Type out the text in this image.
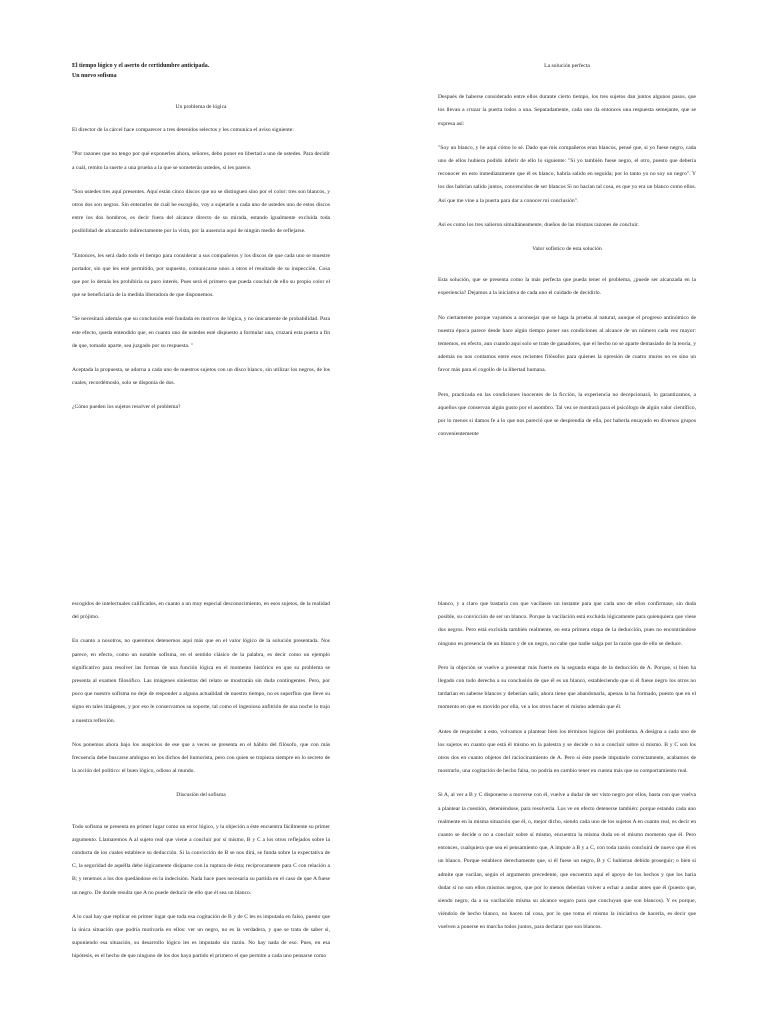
El tiempo lógico y el aserto de certidumbre anticipada.

Un nuevo sofisma

Un problema de lógica

El director de la cárcel hace comparecer a tres detenidos selectos y les comunica el aviso siguiente:

"Por razones que no tengo por qué exponerles ahora, señores, debo poner en libertad a uno de ustedes. Para decidir a cuál, remito la suerte a una prueba a la que se someterán ustedes, si les parece.

"Son ustedes tres aquí presentes. Aquí están cinco discos que no se distinguen sino por el color: tres son blancos, y otros dos son negros. Sin enterarles de cuál he escogido, voy a sujetarle a cada uno de ustedes uno de estos discos entre los dos hombros, es decir fuera del alcance directo de su mirada, estando igualmente excluida toda posibilidad de alcanzarlo indirectamente por la vista, por la ausencia aquí de ningún medio de reflejarse.

"Entonces, les será dado todo el tiempo para considerar a sus compañeros y los discos de que cada uno se muestre portador, sin que les esté permitido, por supuesto, comunicarse unos a otros el resultado de su inspección. Cosa que por lo demás les prohibiría su puro interés. Pues será el primero que pueda concluir de ello su propio color el que se beneficiaría de la medida liberadora de que disponemos.

"Se necesitará además que su conclusión esté fundada en motivos de lógica, y no únicamente de probabilidad. Para este efecto, queda entendido que, en cuanto uno de ustedes esté dispuesto a formular una, cruzará esta puerta a fin de que, tomado aparte, sea juzgado por su respuesta. "

Aceptada la propuesta, se adorna a cada uno de nuestros sujetos con un disco blanco, sin utilizar los negros, de los cuales, recordémoslo, solo se disponía de dos.

¿Cómo pueden los sujetos resolver el problema?

La solución perfecta

Después de haberse considerado entre ellos durante cierto tiempo, los tres sujetos dan juntos algunos pasos, que los llevan a cruzar la puerta todos a una. Separadamente, cada uno da entonces una respuesta semejante, que se expresa así:

"Soy un blanco, y he aquí cómo lo sé. Dado que mis compañeros eran blancos, pensé que, si yo fuese negro, cada uno de ellos hubiera podido inferir de ello lo siguiente: "Si yo también fuese negro, el otro, puesto que debería reconocer en esto inmediatamente que él es blanco, habría salido en seguida; por lo tanto yo no soy un negro". Y los dos habrían salido juntos, convencidos de ser blancos Si no hacían tal cosa, es que yo era un blanco como ellos. Así que me vine a la puerta para dar a conocer mi conclusión".

Así es como los tres salieron simultáneamente, dueños de las mismas razones de concluir.

Valor sofístico de esta solución

Esta solución, que se presenta como la más perfecta que pueda tener el problema, ¿puede ser alcanzada en la experiencia? Dejamos a la iniciativa de cada uno el cuidado de decidirlo.

No ciertamente porque vayamos a aconsejar que se haga la prueba al natural, aunque el progreso antinómico de nuestra época parece desde hace algún tiempo poner sus condiciones al alcance de un número cada vez mayor: tememos, en efecto, aun cuando aquí solo se trate de ganadores, que el hecho no se aparte demasiado de la teoría, y además no nos contamos entre esos recientes filósofos para quienes la opresión de cuatro muros no es sino un favor más para el cogollo de la libertad humana.

Pero, practicada en las condiciones inocentes de la ficción, la experiencia no decepcionará, lo garantizamos, a aquellos que conservan algún gusto por el asombro. Tal vez se mostrará para el psicólogo de algún valor científico, por lo menos si damos fe a lo que nos pareció que se desprendía de ella, por haberla ensayado en diversos grupos convenientemente

escogidos de intelectuales calificados, en cuanto a un muy especial desconocimiento, en esos sujetos, de la realidad del prójimo.

En cuanto a nosotros, no queremos detenernos aquí más que en el valor lógico de la solución presentada. Nos parece, en efecto, como un notable sofisma, en el sentido clásico de la palabra, es decir como un ejemplo significativo para resolver las formas de una función lógica en el momento histórico en que su problema se presenta al examen filosófico. Las imágenes siniestras del relato se mostrarán sin duda contingentes. Pero, por poco que nuestro sofisma no deje de responder a alguna actualidad de nuestro tiempo, no es superfluo que lleve su signo en tales imágenes, y por eso le conservamos su soporte, tal como el ingenioso anfitrión de una noche lo trajo a nuestra reflexión.

Nos ponemos ahora bajo los auspicios de ese que a veces se presenta en el hábito del filósofo, que con más frecuencia debe buscarse ambiguo en los dichos del humorista, pero con quien se tropieza siempre en lo secreto de la acción del político: el buen lógico, odioso al mundo.

Discusión del sofisma

Todo sofisma se presenta en primer lugar como un error lógico, y la objeción a éste encuentra fácilmente su primer argumento. Llamaremos A al sujeto real que viene a concluir por sí mismo, B y C a los otros reflejados sobre la conducta de los cuales establece su deducción. Si la convicción de B se nos dirá, se funda sobre la expectativa de C, la seguridad de aquélla debe lógicamente disiparse con la ruptura de ésta; recíprocamente para C con relación a B; y tenemos a los dos quedándose en la indecisión. Nada hace pues necesaria su partida en el caso de que A fuese un negro. De donde resulta que A no puede deducir de ello que él sea un blanco.

A lo cual hay que replicar en primer lugar que toda esa cogitación de B y de C les es imputada en falso, puesto que la única situación que podría motivarla en ellos: ver un negro, no es la verdadera, y que se trata de saber si, suponiendo esa situación, su desarrollo lógico les es imputado sin razón. No hay nada de eso. Pues, en esa hipótesis, es el hecho de que ninguno de los dos haya partido el primero el que permite a cada uno pensarse como

blanco, y a claro que bastaría con que vacilasen un instante para que cada uno de ellos confirmase, sin duda posible, su convicción de ser un blanco. Porque la vacilación está excluida lógicamente para quienquiera que viese dos negros. Pero está excluida también realmente, en esta primera etapa de la deducción, pues no encontrándose ninguno en presencia de un blanco y de un negro, no cabe que nadie salga por la razón que de ello se deduce.

Pero la objeción se vuelve a presentar más fuerte en la segunda etapa de la deducción de A. Porque, si bien ha llegado con todo derecho a su conclusión de que él es un blanco, estableciendo que si él fuese negro los otros no tardarían en saberse blancos y deberían salir, ahora tiene que abandonarla, apenas la ha formado, puesto que en el momento en que es movido por ella, ve a los otros hacer el mismo ademán que él.

Antes de responder a esto, volvamos a plantear bien los términos lógicos del problema. A designa a cada uno de los sujetos en cuanto que está él mismo en la palestra y se decide o no a concluir sobre sí mismo. B y C son los otros dos en cuanto objetos del raciocinamiento de A. Pero si éste puede imputarle correctamente, acabamos de mostrarlo, una cogitación de hecho falsa, no podría en cambio tener en cuenta más que su comportamiento real.

Si A, al ver a B y C disponerse a moverse con él, vuelve a dudar de ser visto negro por ellos, basta con que vuelva a plantear la cuestión, deteniéndose, para resolverla. Los ve en efecto detenerse también: porque estando cada uno realmente en la misma situación que él, o, mejor dicho, siendo cada uno de los sujetos A en cuanto real, es decir en cuanto se decide o no a concluir sobre sí mismo, encuentra la misma duda en el mismo momento que él. Pero entonces, cualquiera que sea el pensamiento que, A impute a B y a C, con toda razón concluirá de nuevo que él es un blanco. Porque establece derechamente que, si él fuese un negro, B y C hubieran debido proseguir; o bien si admite que vacilan, según el argumento precedente, que encuentra aquí el apoyo de los hechos y que los haría dudar si no son ellos mismos negros, que por lo menos deberían volver a echar a andar antes que él (puesto que, siendo negro, da a su vacilación misma su alcance seguro para que concluyan que son blancos). Y es porque, viéndolo de hecho blanco, no hacen tal cosa, por lo que toma el mismo la iniciativa de hacerla, es decir que vuelven a ponerse en marcha todos juntos, para declarar que son blancos.
